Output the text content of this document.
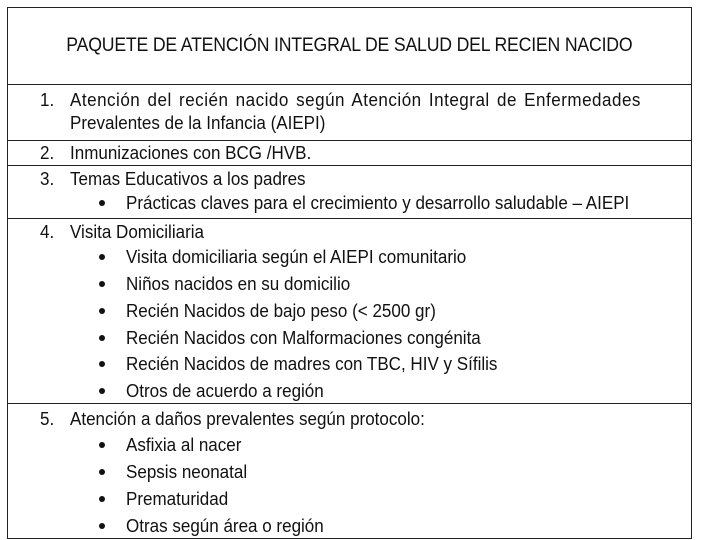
PAQUETE DE ATENCIÓN INTEGRAL DE SALUD DEL RECIEN NACIDO
1. Atención del recién nacido según Atención Integral de Enfermedades
Prevalentes de la Infancia (AIEPI)
2. Inmunizaciones con BCG /HVB.
3. Temas Educativos a los padres
Prácticas claves para el crecimiento y desarrollo saludable – AIEPI
4. Visita Domiciliaria
Visita domiciliaria según el AIEPI comunitario
Niños nacidos en su domicilio
Recién Nacidos de bajo peso (< 2500 gr)
Recién Nacidos con Malformaciones congénita
Recién Nacidos de madres con TBC, HIV y Sífilis
Otros de acuerdo a región
5. Atención a daños prevalentes según protocolo:
Asfixia al nacer
Sepsis neonatal
Prematuridad
Otras según área o región
